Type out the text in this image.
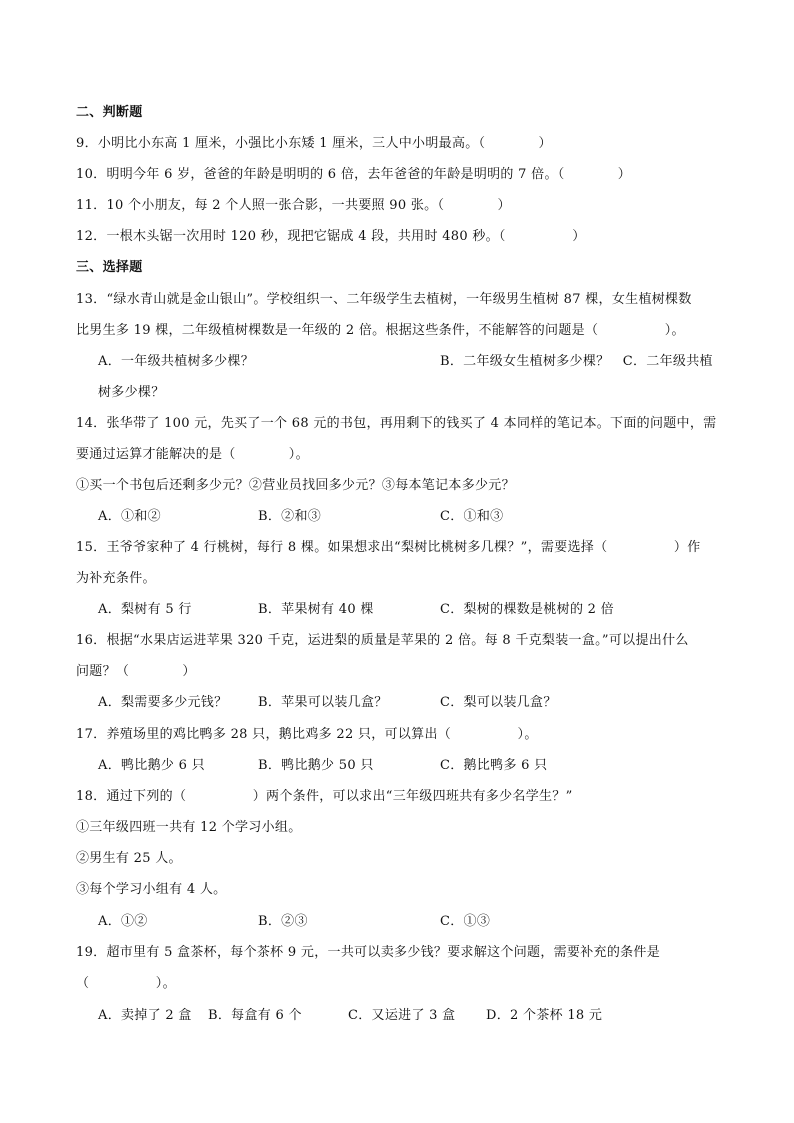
二、判断题
9．小明比小东高 1 厘米，小强比小东矮 1 厘米，三人中小明最高。（　　　　）
10．明明今年 6 岁，爸爸的年龄是明明的 6 倍，去年爸爸的年龄是明明的 7 倍。（　　　　）
11．10 个小朋友，每 2 个人照一张合影，一共要照 90 张。（　　　　）
12．一根木头锯一次用时 120 秒，现把它锯成 4 段，共用时 480 秒。（　　　　　）
三、选择题
13．“绿水青山就是金山银山”。学校组织一、二年级学生去植树，一年级男生植树 87 棵，女生植树棵数
比男生多 19 棵，二年级植树棵数是一年级的 2 倍。根据这些条件，不能解答的问题是（　　　　　）。
A．一年级共植树多少棵？	B．二年级女生植树多少棵？　C．二年级共植
树多少棵？
14．张华带了 100 元，先买了一个 68 元的书包，再用剩下的钱买了 4 本同样的笔记本。下面的问题中，需
要通过运算才能解决的是（　　　　）。
①买一个书包后还剩多少元？②营业员找回多少元？③每本笔记本多少元？
A．①和②	B．②和③	C．①和③
15．王爷爷家种了 4 行桃树，每行 8 棵。如果想求出“梨树比桃树多几棵？”，需要选择（　　　　　）作
为补充条件。
A．梨树有 5 行	B．苹果树有 40 棵	C．梨树的棵数是桃树的 2 倍
16．根据“水果店运进苹果 320 千克，运进梨的质量是苹果的 2 倍。每 8 千克梨装一盒。”可以提出什么
问题？（　　　　）
A．梨需要多少元钱？ B．苹果可以装几盒？	C．梨可以装几盒？
17．养殖场里的鸡比鸭多 28 只，鹅比鸡多 22 只，可以算出（　　　　　）。
A．鸭比鹅少 6 只	B．鸭比鹅少 50 只	C．鹅比鸭多 6 只
18．通过下列的（　　　　　）两个条件，可以求出“三年级四班共有多少名学生？”
①三年级四班一共有 12 个学习小组。
②男生有 25 人。
③每个学习小组有 4 人。
A．①②	B．②③	C．①③
19．超市里有 5 盒茶杯，每个茶杯 9 元，一共可以卖多少钱？要求解这个问题，需要补充的条件是
（　　　　　）。
A．卖掉了 2 盒 B．每盒有 6 个	C．又运进了 3 盒 D．2 个茶杯 18 元
